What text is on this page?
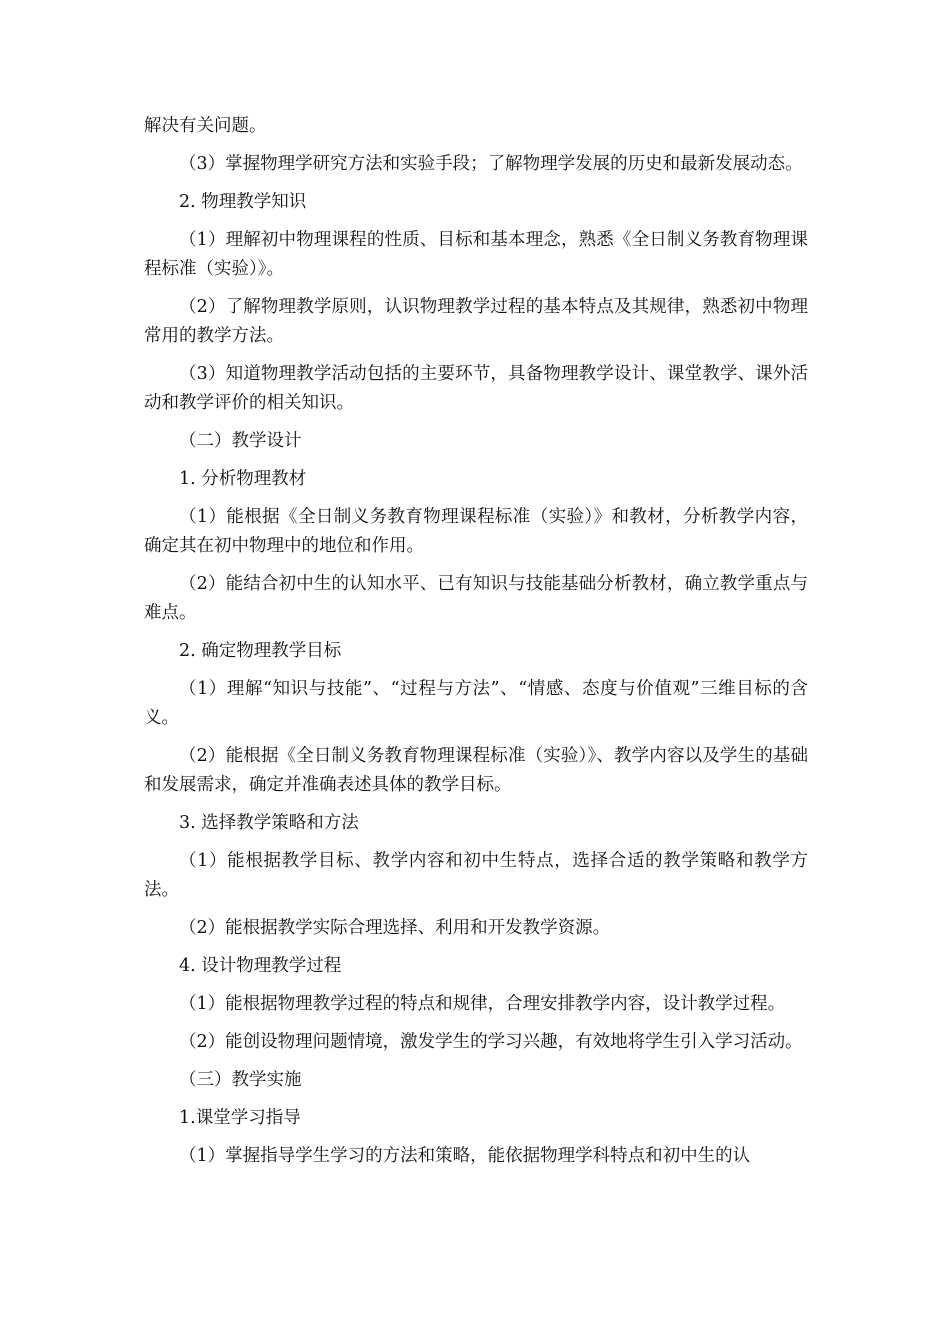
解决有关问题。

（3）掌握物理学研究方法和实验手段；了解物理学发展的历史和最新发展动态。

2. 物理教学知识

（1）理解初中物理课程的性质、目标和基本理念，熟悉《全日制义务教育物理课程标准（实验）》。

（2）了解物理教学原则，认识物理教学过程的基本特点及其规律，熟悉初中物理常用的教学方法。

（3）知道物理教学活动包括的主要环节，具备物理教学设计、课堂教学、课外活动和教学评价的相关知识。

（二）教学设计

1. 分析物理教材

（1）能根据《全日制义务教育物理课程标准（实验）》和教材，分析教学内容，确定其在初中物理中的地位和作用。

（2）能结合初中生的认知水平、已有知识与技能基础分析教材，确立教学重点与难点。

2. 确定物理教学目标

（1）理解“知识与技能”、“过程与方法”、“情感、态度与价值观”三维目标的含义。

（2）能根据《全日制义务教育物理课程标准（实验）》、教学内容以及学生的基础和发展需求，确定并准确表述具体的教学目标。

3. 选择教学策略和方法

（1）能根据教学目标、教学内容和初中生特点，选择合适的教学策略和教学方法。

（2）能根据教学实际合理选择、利用和开发教学资源。

4. 设计物理教学过程

（1）能根据物理教学过程的特点和规律，合理安排教学内容，设计教学过程。

（2）能创设物理问题情境，激发学生的学习兴趣，有效地将学生引入学习活动。

（三）教学实施

1.课堂学习指导

（1）掌握指导学生学习的方法和策略，能依据物理学科特点和初中生的认
